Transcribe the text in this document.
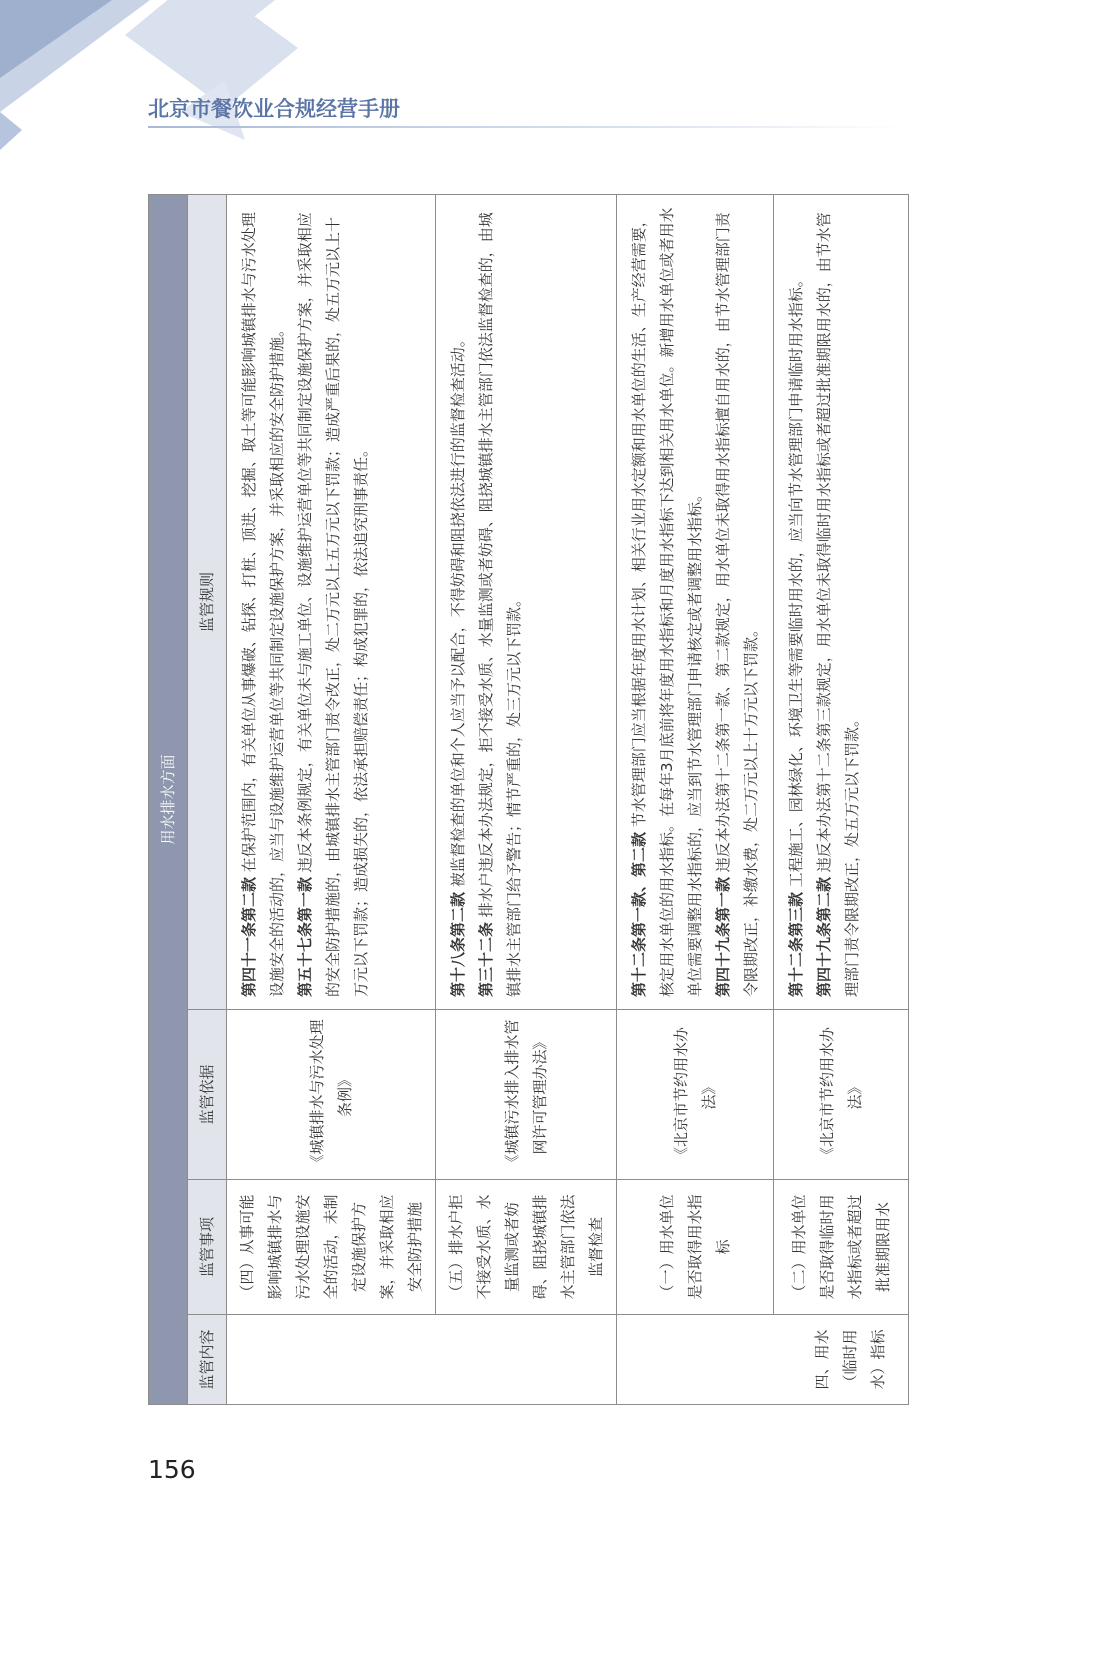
北京市餐饮业合规经营手册
用水排水方面			
监管内容	监管事项	监管依据	监管规则
	（四）从事可能影响城镇排水与污水处理设施安全的活动，未制定设施保护方案，并采取相应安全防护措施	《城镇排水与污水处理条例》	第四十一条第二款 在保护范围内，有关单位从事爆破、钻探、打桩、顶进、挖掘、取土等可能影响城镇排水与污水处理设施安全的活动的，应当与设施维护运营单位等共同制定设施保护方案，并采取相应的安全防护措施。 第五十七条第一款 违反本条例规定，有关单位未与施工单位、设施维护运营单位等共同制定设施保护方案，并采取相应的安全防护措施的，由城镇排水主管部门责令改正，处二万元以上五万元以下罚款；造成严重后果的，处五万元以上十万元以下罚款；造成损失的，依法承担赔偿责任；构成犯罪的，依法追究刑事责任。

	（五）排水户拒不接受水质、水量监测或者妨碍、阻挠城镇排水主管部门依法监督检查	《城镇污水排入排水管网许可管理办法》	第十八条第二款 被监督检查的单位和个人应当予以配合，不得妨碍和阻挠依法进行的监督检查活动。

第三十二条 排水户违反本办法规定，拒不接受水质、水量监测或者妨碍、阻挠城镇排水主管部门依法监督检查的，由城镇排水主管部门给予警告；情节严重的，处三万元以下罚款。

四、用水（临时用水）指标	（一）用水单位是否取得用水指标	《北京市节约用水办法》	第十二条第一款、第二款 节水管理部门应当根据年度用水计划、相关行业用水定额和用水单位的生活、生产经营需要，核定用水单位的用水指标。在每年3月底前将年度用水指标和月度用水指标下达到相关用水单位。新增用水单位或者用水单位需要调整用水指标的，应当到节水管理部门申请核定或者调整用水指标。 第四十九条第一款 违反本办法第十二条第一款、第二款规定，用水单位未取得用水指标擅自用水的，由节水管理部门责令限期改正，补缴水费，处二万元以上十万元以下罚款。

	（二）用水单位是否取得临时用水指标或者超过批准期限用水	《北京市节约用水办法》	第十二条第三款 工程施工、园林绿化、环境卫生等需要临时用水的，应当向节水管理部门申请临时用水指标。

第四十九条第二款 违反本办法第十二条第三款规定，用水单位未取得临时用水指标或者超过批准期限用水的，由节水管理部门责令限期改正，处五万元以下罚款。

156
